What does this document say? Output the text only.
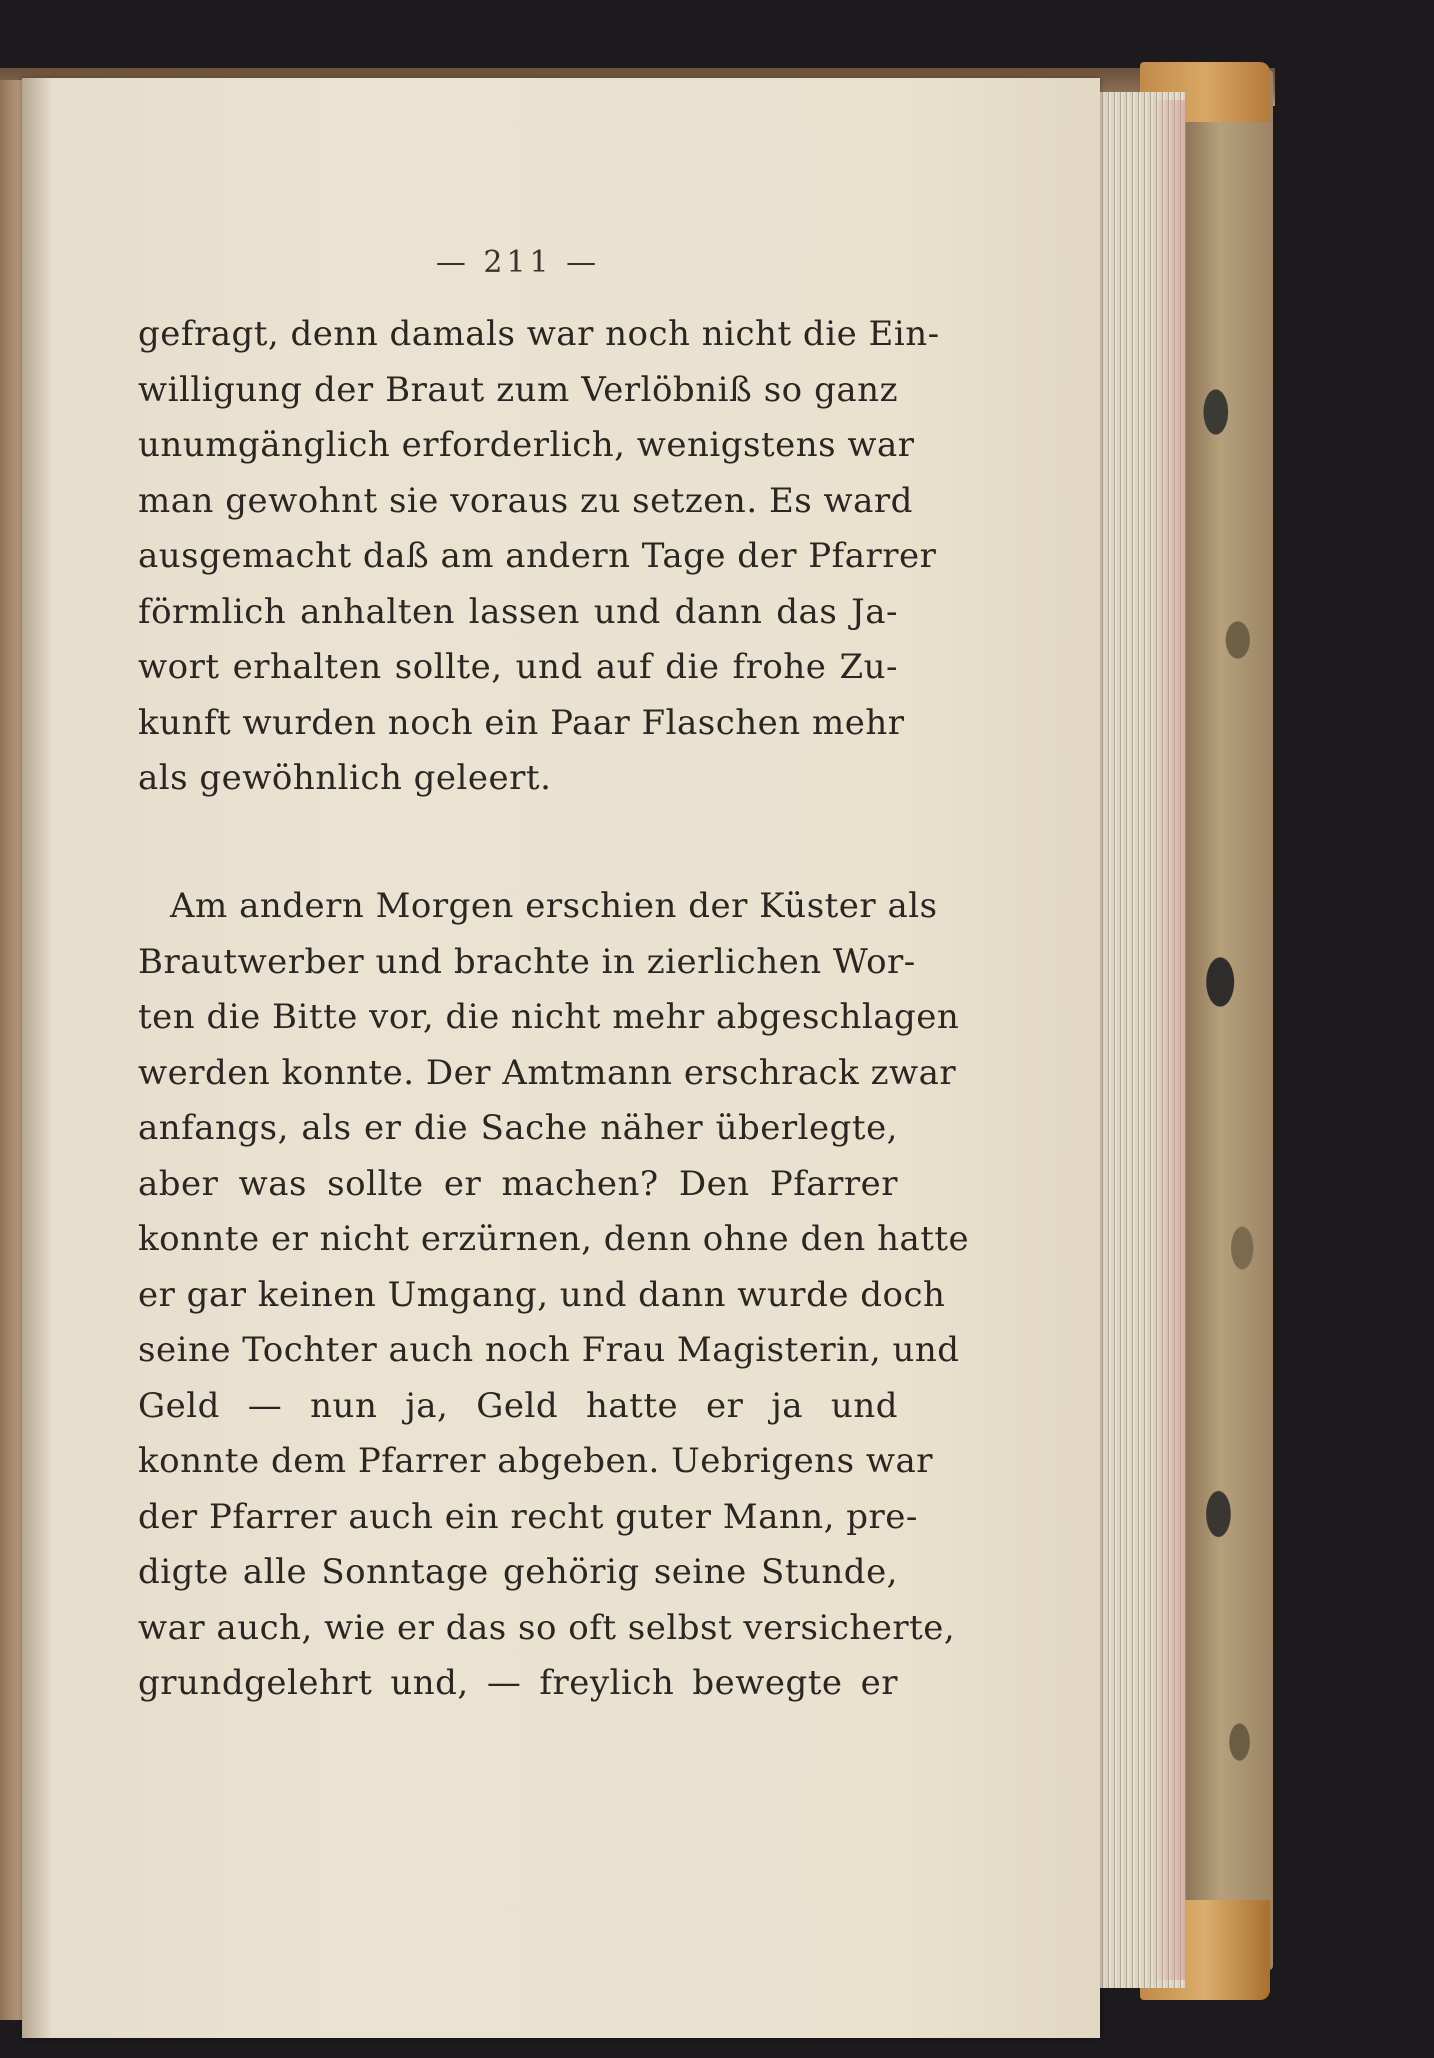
— 211 —
gefragt, denn damals war noch nicht die Ein-
willigung der Braut zum Verlöbniß so ganz
unumgänglich erforderlich, wenigstens war
man gewohnt sie voraus zu setzen. Es ward
ausgemacht daß am andern Tage der Pfarrer
förmlich anhalten lassen und dann das Ja-
wort erhalten sollte, und auf die frohe Zu-
kunft wurden noch ein Paar Flaschen mehr
als gewöhnlich geleert.
Am andern Morgen erschien der Küster als
Brautwerber und brachte in zierlichen Wor-
ten die Bitte vor, die nicht mehr abgeschlagen
werden konnte. Der Amtmann erschrack zwar
anfangs, als er die Sache näher überlegte,
aber was sollte er machen? Den Pfarrer
konnte er nicht erzürnen, denn ohne den hatte
er gar keinen Umgang, und dann wurde doch
seine Tochter auch noch Frau Magisterin, und
Geld — nun ja, Geld hatte er ja und
konnte dem Pfarrer abgeben. Uebrigens war
der Pfarrer auch ein recht guter Mann, pre-
digte alle Sonntage gehörig seine Stunde,
war auch, wie er das so oft selbst versicherte,
grundgelehrt und, — freylich bewegte er
